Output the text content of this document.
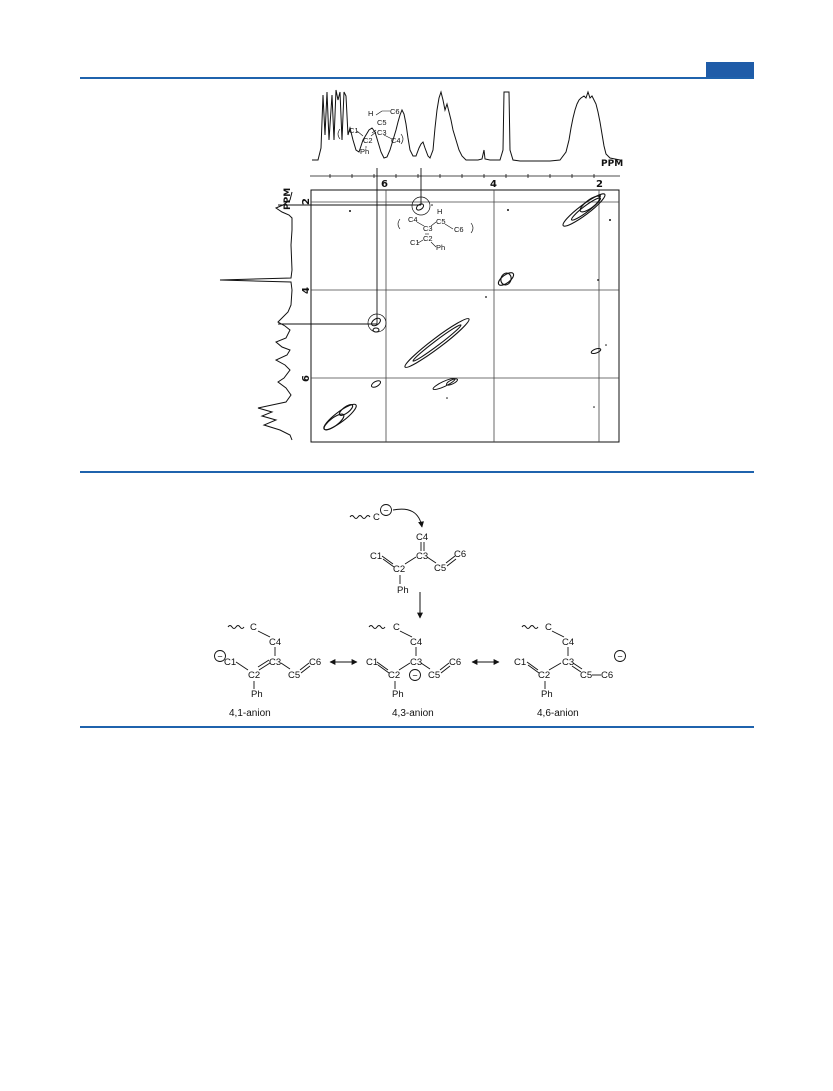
PPM
PPM
6	4	2
2
4
6
H C6
C5
C1 C3
C2 C4
Ph
C4
H
C5
C6
C3
C1 C2
Ph
C
−
C4
C1	C3	C6
C2	C5
Ph
C
C4
C1	C3	C6
C2	C5
Ph
−
4,1-anion
C
C4
C1	C3	C6
C2	C5
Ph
−
4,3-anion
C
C4
C1	C3
C6
C2	C5
Ph
−
4,6-anion
